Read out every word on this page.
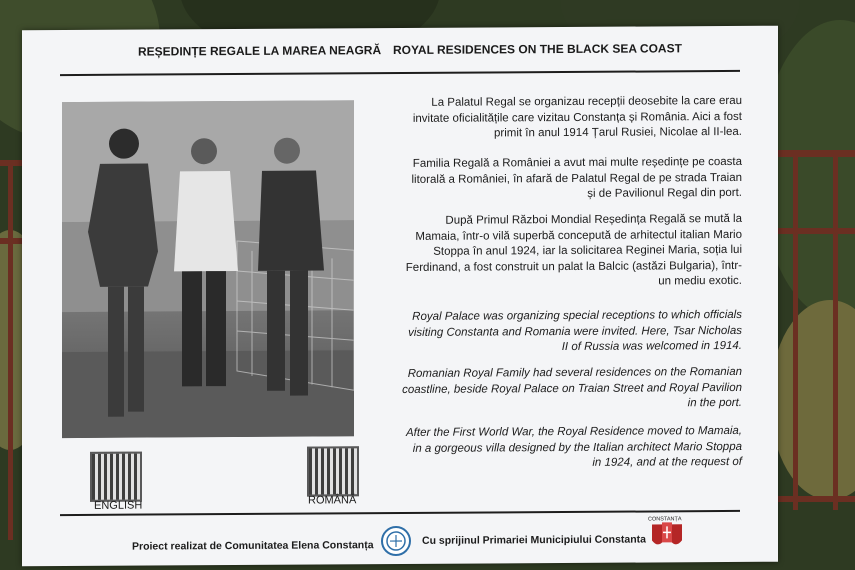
REȘEDINȚE REGALE LA MAREA NEAGRĂ ROYAL RESIDENCES ON THE BLACK SEA COAST
La Palatul Regal se organizau recepții deosebite la care erau invitate oficialitățile care vizitau Constanța și România. Aici a fost primit în anul 1914 Țarul Rusiei, Nicolae al II-lea.
Familia Regală a României a avut mai multe reședințe pe coasta litorală a României, în afară de Palatul Regal de pe strada Traian și de Pavilionul Regal din port.
După Primul Război Mondial Reședința Regală se mută la Mamaia, într-o vilă superbă concepută de arhitectul italian Mario Stoppa în anul 1924, iar la solicitarea Reginei Maria, soția lui Ferdinand, a fost construit un palat la Balcic (astăzi Bulgaria), într-un mediu exotic.
Royal Palace was organizing special receptions to which officials visiting Constanta and Romania were invited. Here, Tsar Nicholas II of Russia was welcomed in 1914.
Romanian Royal Family had several residences on the Romanian coastline, beside Royal Palace on Traian Street and Royal Pavilion in the port.
After the First World War, the Royal Residence moved to Mamaia, in a gorgeous villa designed by the Italian architect Mario Stoppa in 1924, and at the request of
ENGLISH	ROMÂNĂ
Proiect realizat de Comunitatea Elena Constanța	Cu sprijinul Primariei Municipiului Constanta
CONSTANȚA
